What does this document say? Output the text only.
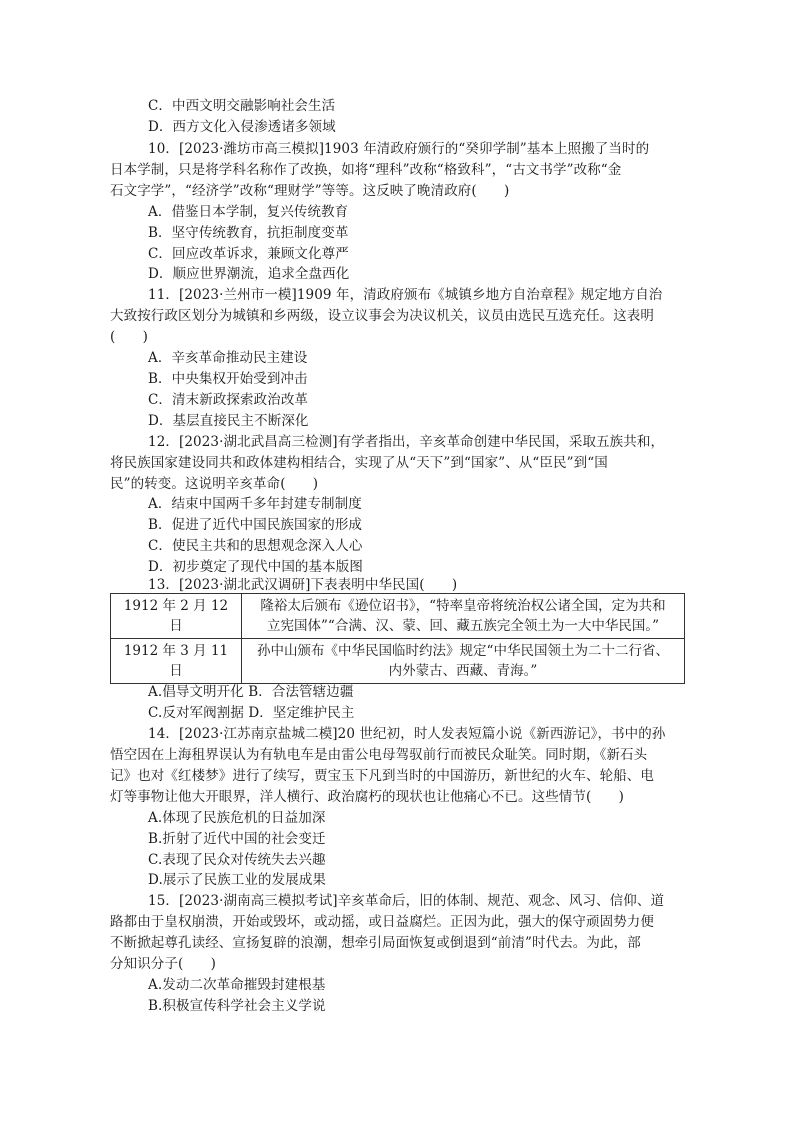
C．中西文明交融影响社会生活
D．西方文化入侵渗透诸多领域
10．[2023·潍坊市高三模拟]1903 年清政府颁行的“癸卯学制”基本上照搬了当时的
日本学制，只是将学科名称作了改换，如将“理科”改称“格致科”，“古文书学”改称“金
石文字学”，“经济学”改称“理财学”等等。这反映了晚清政府(　　)
A．借鉴日本学制，复兴传统教育
B．坚守传统教育，抗拒制度变革
C．回应改革诉求，兼顾文化尊严
D．顺应世界潮流，追求全盘西化
11．[2023·兰州市一模]1909 年，清政府颁布《城镇乡地方自治章程》规定地方自治
大致按行政区划分为城镇和乡两级，设立议事会为决议机关，议员由选民互选充任。这表明
(　　)
A．辛亥革命推动民主建设
B．中央集权开始受到冲击
C．清末新政探索政治改革
D．基层直接民主不断深化
12．[2023·湖北武昌高三检测]有学者指出，辛亥革命创建中华民国，采取五族共和，
将民族国家建设同共和政体建构相结合，实现了从“天下”到“国家”、从“臣民”到“国
民”的转变。这说明辛亥革命(　　)
A．结束中国两千多年封建专制制度
B．促进了近代中国民族国家的形成
C．使民主共和的思想观念深入人心
D．初步奠定了现代中国的基本版图
13．[2023·湖北武汉调研]下表表明中华民国(　　)
1912 年 2 月 12 日	隆裕太后颁布《逊位诏书》，“特率皇帝将统治权公诸全国，定为共和
立宪国体”“合满、汉、蒙、回、藏五族完全领土为一大中华民国。”

1912 年 3 月 11 日	孙中山颁布《中华民国临时约法》规定“中华民国领土为二十二行省、
内外蒙古、西藏、青海。”
A.倡导文明开化 B．合法管辖边疆
C.反对军阀割据 D．坚定维护民主
14．[2023·江苏南京盐城二模]20 世纪初，时人发表短篇小说《新西游记》，书中的孙
悟空因在上海租界误认为有轨电车是由雷公电母驾驭前行而被民众耻笑。同时期，《新石头
记》也对《红楼梦》进行了续写，贾宝玉下凡到当时的中国游历，新世纪的火车、轮船、电
灯等事物让他大开眼界，洋人横行、政治腐朽的现状也让他痛心不已。这些情节(　　)
A.体现了民族危机的日益加深
B.折射了近代中国的社会变迁
C.表现了民众对传统失去兴趣
D.展示了民族工业的发展成果
15．[2023·湖南高三模拟考试]辛亥革命后，旧的体制、规范、观念、风习、信仰、道
路都由于皇权崩溃，开始或毁坏，或动摇，或日益腐烂。正因为此，强大的保守顽固势力便
不断掀起尊孔读经、宣扬复辟的浪潮，想牵引局面恢复或倒退到“前清”时代去。为此，部
分知识分子(　　)
A.发动二次革命摧毁封建根基
B.积极宣传科学社会主义学说
